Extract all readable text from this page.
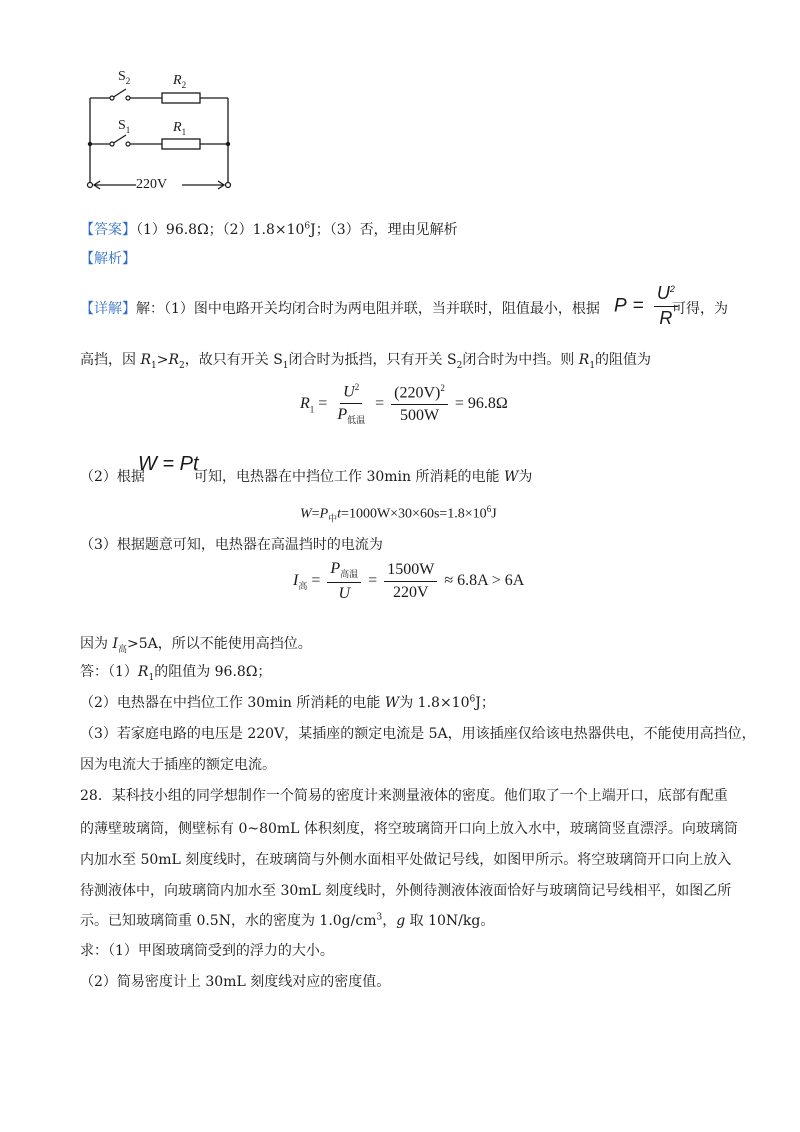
$S_2$	$R_2$
$S_1$	$R_1$
220V
【答案】（1）96.8Ω；$(2)1.8\times 10^6J$；（3）否，理由见解析
【解析】
【详解】解：（1）图中电路开关均闭合时为两电阻并联，当并联时，阻值最小，根据 $P = \frac{U^2}{R}$
可得，为
高挡，因 $R_1>R_2$，故只有开关 $S_1$闭合时为抵挡，只有开关 $S_2$闭合时为中挡。则 $R_1$的阻值为
$R_1 = \frac{U^2}{P_{低温}} = \frac{(220V)^2}{500W} = 96.8\Omega$
（2）根据
W = Pt
可知，电热器在中挡位工作 30min 所消耗的电能 W为
$W=P_中t=1000W\times 30\times 60s=1.8\times 10^6J$
（3）根据题意可知，电热器在高温挡时的电流为
$I_高 = \frac{P_{高温}}{U} = \frac{1500W}{220V} \approx 6.8A > 6A$
因为 $I_高>5A$，所以不能使用高挡位。
答：$(1)R_1$的阻值为 96.8Ω；
（2）电热器在中挡位工作 30min 所消耗的电能 W为 $1.8\times 10^6J$；
（3）若家庭电路的电压是 220V，某插座的额定电流是 5A，用该插座仅给该电热器供电，不能使用高挡位，
因为电流大于插座的额定电流。
28．某科技小组的同学想制作一个简易的密度计来测量液体的密度。他们取了一个上端开口，底部有配重
的薄壁玻璃筒，侧壁标有 0~80mL 体积刻度，将空玻璃筒开口向上放入水中，玻璃筒竖直漂浮。向玻璃筒
内加水至 50mL 刻度线时，在玻璃筒与外侧水面相平处做记号线，如图甲所示。将空玻璃筒开口向上放入
待测液体中，向玻璃筒内加水至 30mL 刻度线时，外侧待测液体液面恰好与玻璃筒记号线相平，如图乙所
示。已知玻璃筒重 0.5N，水的密度为 $1.0g/cm^3$，g 取 10N/kg。
求：（1）甲图玻璃筒受到的浮力的大小。
（2）简易密度计上 30mL 刻度线对应的密度值。
